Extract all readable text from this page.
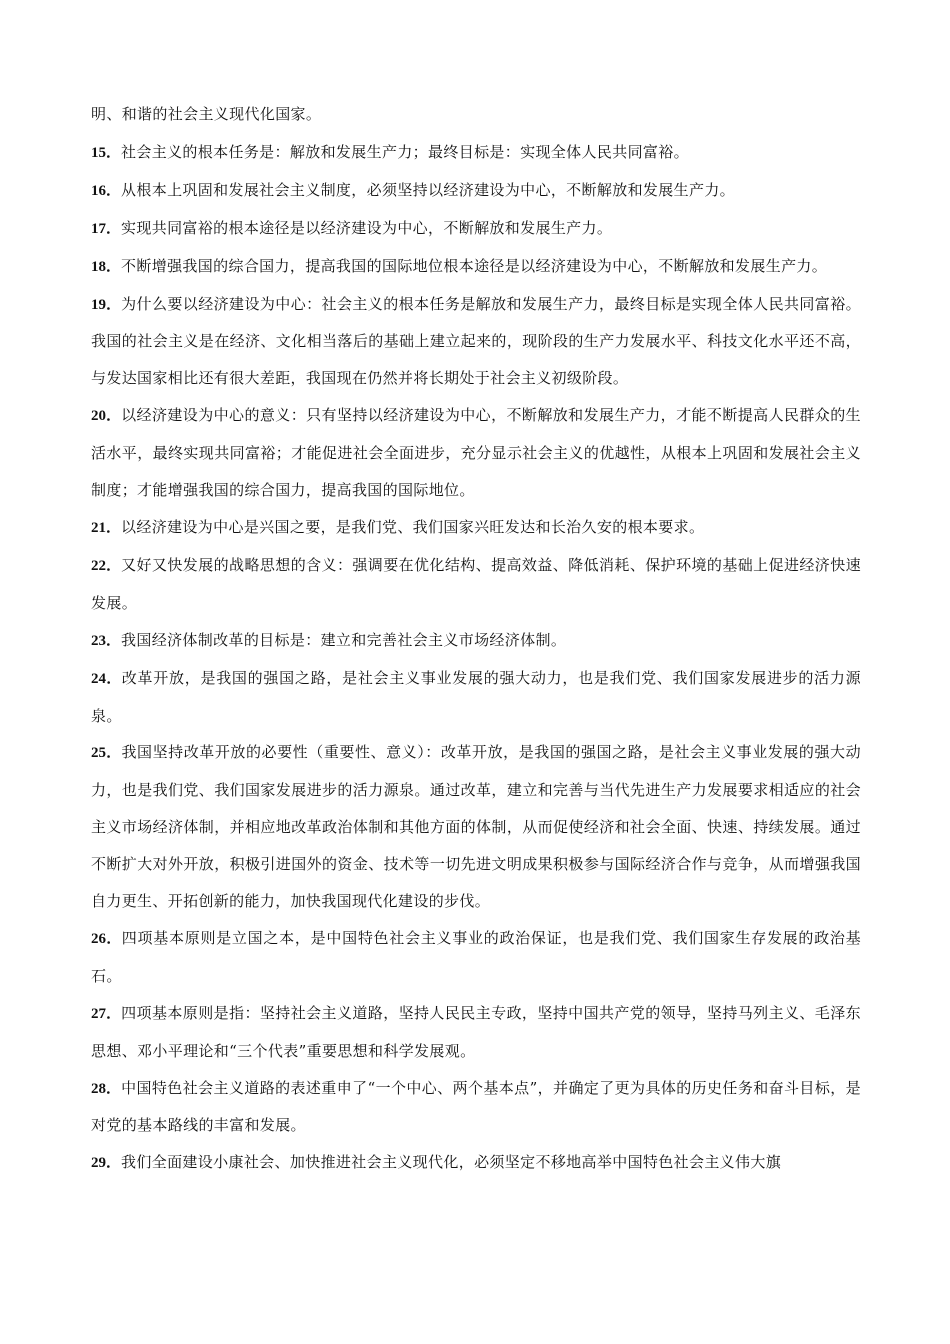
明、和谐的社会主义现代化国家。

15．社会主义的根本任务是：解放和发展生产力；最终目标是：实现全体人民共同富裕。

16．从根本上巩固和发展社会主义制度，必须坚持以经济建设为中心，不断解放和发展生产力。

17．实现共同富裕的根本途径是以经济建设为中心，不断解放和发展生产力。

18．不断增强我国的综合国力，提高我国的国际地位根本途径是以经济建设为中心，不断解放和发展生产力。

19．为什么要以经济建设为中心：社会主义的根本任务是解放和发展生产力，最终目标是实现全体人民共同富裕。我国的社会主义是在经济、文化相当落后的基础上建立起来的，现阶段的生产力发展水平、科技文化水平还不高，与发达国家相比还有很大差距，我国现在仍然并将长期处于社会主义初级阶段。

20．以经济建设为中心的意义：只有坚持以经济建设为中心，不断解放和发展生产力，才能不断提高人民群众的生活水平，最终实现共同富裕；才能促进社会全面进步，充分显示社会主义的优越性，从根本上巩固和发展社会主义制度；才能增强我国的综合国力，提高我国的国际地位。

21．以经济建设为中心是兴国之要，是我们党、我们国家兴旺发达和长治久安的根本要求。

22．又好又快发展的战略思想的含义：强调要在优化结构、提高效益、降低消耗、保护环境的基础上促进经济快速发展。

23．我国经济体制改革的目标是：建立和完善社会主义市场经济体制。

24．改革开放，是我国的强国之路，是社会主义事业发展的强大动力，也是我们党、我们国家发展进步的活力源泉。

25．我国坚持改革开放的必要性（重要性、意义）：改革开放，是我国的强国之路，是社会主义事业发展的强大动力，也是我们党、我们国家发展进步的活力源泉。通过改革，建立和完善与当代先进生产力发展要求相适应的社会主义市场经济体制，并相应地改革政治体制和其他方面的体制，从而促使经济和社会全面、快速、持续发展。通过不断扩大对外开放，积极引进国外的资金、技术等一切先进文明成果积极参与国际经济合作与竞争，从而增强我国自力更生、开拓创新的能力，加快我国现代化建设的步伐。

26．四项基本原则是立国之本，是中国特色社会主义事业的政治保证，也是我们党、我们国家生存发展的政治基石。

27．四项基本原则是指：坚持社会主义道路，坚持人民民主专政，坚持中国共产党的领导，坚持马列主义、毛泽东思想、邓小平理论和“三个代表”重要思想和科学发展观。

28．中国特色社会主义道路的表述重申了“一个中心、两个基本点”，并确定了更为具体的历史任务和奋斗目标，是对党的基本路线的丰富和发展。

29．我们全面建设小康社会、加快推进社会主义现代化，必须坚定不移地高举中国特色社会主义伟大旗
